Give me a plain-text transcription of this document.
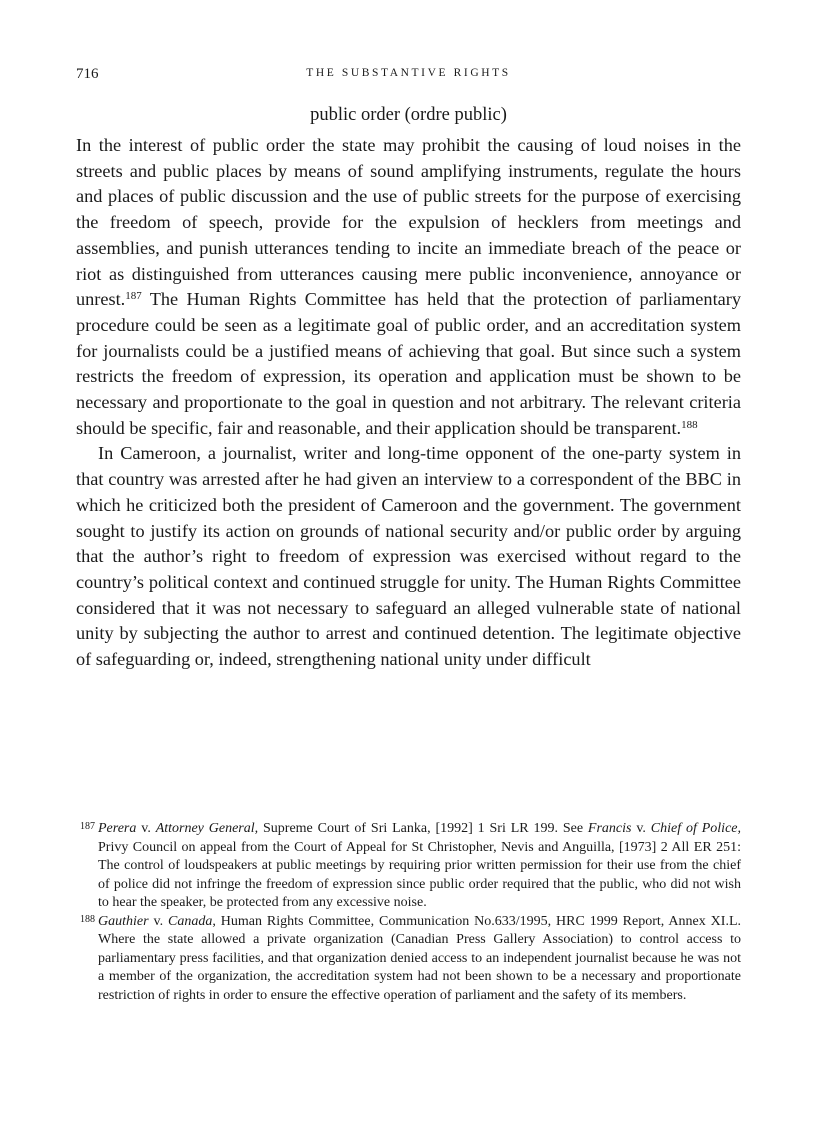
716	THE SUBSTANTIVE RIGHTS
public order (ordre public)

In the interest of public order the state may prohibit the causing of loud noises in the streets and public places by means of sound amplifying instruments, regulate the hours and places of public discussion and the use of public streets for the purpose of exercising the freedom of speech, provide for the expulsion of hecklers from meetings and assemblies, and punish utterances tending to incite an immediate breach of the peace or riot as distinguished from utterances causing mere public inconvenience, annoyance or unrest.$^{187}$ The Human Rights Committee has held that the protection of parliamentary procedure could be seen as a legitimate goal of public order, and an accreditation system for journalists could be a justified means of achieving that goal. But since such a system restricts the freedom of expression, its operation and application must be shown to be necessary and proportionate to the goal in question and not arbitrary. The relevant criteria should be specific, fair and reasonable, and their application should be transparent.$^{188}$

In Cameroon, a journalist, writer and long-time opponent of the one-party system in that country was arrested after he had given an interview to a correspondent of the BBC in which he criticized both the president of Cameroon and the government. The government sought to justify its action on grounds of national security and/or public order by arguing that the author’s right to freedom of expression was exercised without regard to the country’s political context and continued struggle for unity. The Human Rights Committee considered that it was not necessary to safeguard an alleged vulnerable state of national unity by subjecting the author to arrest and continued detention. The legitimate objective of safeguarding or, indeed, strengthening national unity under difficult

187 Perera v. Attorney General, Supreme Court of Sri Lanka, [1992] 1 Sri LR 199. See Francis v. Chief of Police, Privy Council on appeal from the Court of Appeal for St Christopher, Nevis and Anguilla, [1973] 2 All ER 251: The control of loudspeakers at public meetings by requiring prior written permission for their use from the chief of police did not infringe the freedom of expression since public order required that the public, who did not wish to hear the speaker, be protected from any excessive noise.

188 Gauthier v. Canada, Human Rights Committee, Communication No.633/1995, HRC 1999 Report, Annex XI.L. Where the state allowed a private organization (Canadian Press Gallery Association) to control access to parliamentary press facilities, and that organization denied access to an independent journalist because he was not a member of the organization, the accreditation system had not been shown to be a necessary and proportionate restriction of rights in order to ensure the effective operation of parliament and the safety of its members.
